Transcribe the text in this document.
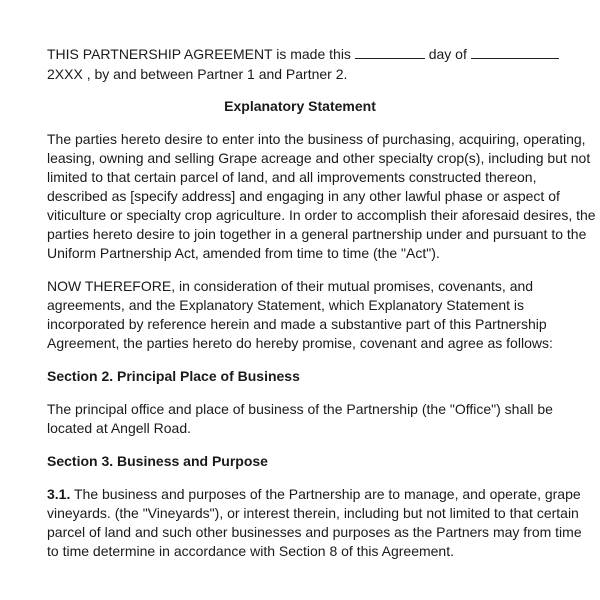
THIS PARTNERSHIP AGREEMENT is made this	day of
2XXX , by and between Partner 1 and Partner 2.
Explanatory Statement
The parties hereto desire to enter into the business of purchasing, acquiring, operating,
leasing, owning and selling Grape acreage and other specialty crop(s), including but not
limited to that certain parcel of land, and all improvements constructed thereon,
described as [specify address] and engaging in any other lawful phase or aspect of
viticulture or specialty crop agriculture. In order to accomplish their aforesaid desires, the
parties hereto desire to join together in a general partnership under and pursuant to the
Uniform Partnership Act, amended from time to time (the "Act").
NOW THEREFORE, in consideration of their mutual promises, covenants, and
agreements, and the Explanatory Statement, which Explanatory Statement is
incorporated by reference herein and made a substantive part of this Partnership
Agreement, the parties hereto do hereby promise, covenant and agree as follows:
Section 2. Principal Place of Business
The principal office and place of business of the Partnership (the "Office") shall be
located at Angell Road.
Section 3. Business and Purpose
3.1. The business and purposes of the Partnership are to manage, and operate, grape
vineyards. (the "Vineyards"), or interest therein, including but not limited to that certain
parcel of land and such other businesses and purposes as the Partners may from time
to time determine in accordance with Section 8 of this Agreement.
